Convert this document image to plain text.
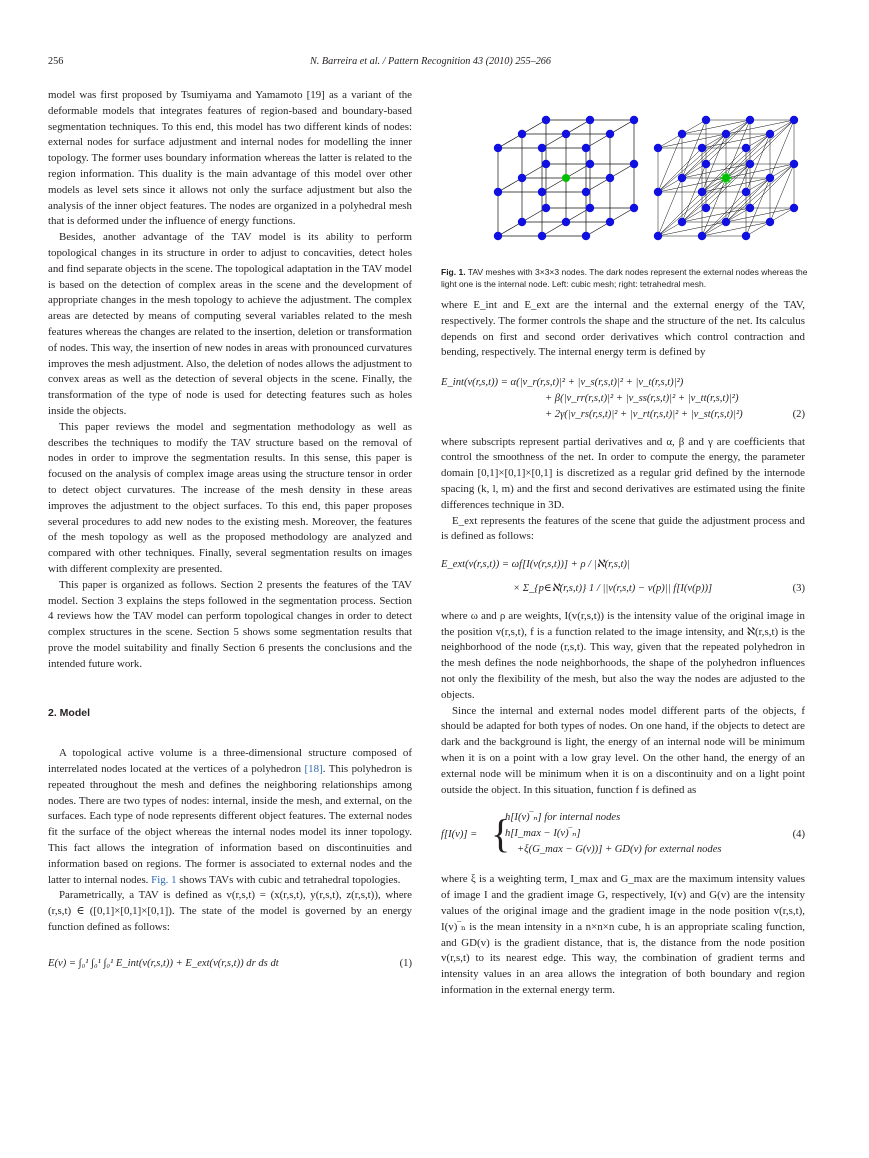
256	N. Barreira et al. / Pattern Recognition 43 (2010) 255–266

model was first proposed by Tsumiyama and Yamamoto [19] as a variant of the deformable models that integrates features of region-based and boundary-based segmentation techniques. To this end, this model has two different kinds of nodes: external nodes for surface adjustment and internal nodes for modelling the inner topology. The former uses boundary information whereas the latter is related to the region information. This duality is the main advantage of this model over other models as level sets since it allows not only the surface adjustment but also the analysis of the inner object features. The nodes are organized in a polyhedral mesh that is deformed under the influence of energy functions.

Besides, another advantage of the TAV model is its ability to perform topological changes in its structure in order to adjust to concavities, detect holes and find separate objects in the scene. The topological adaptation in the TAV model is based on the detection of complex areas in the scene and the development of appropriate changes in the mesh topology to achieve the adjustment. The complex areas are detected by means of computing several variables related to the mesh features whereas the changes are related to the insertion, deletion or transformation of nodes. This way, the insertion of new nodes in areas with pronounced curvatures improves the mesh adjustment. Also, the deletion of nodes allows the adjustment to convex areas as well as the detection of several objects in the scene. Finally, the transformation of the type of node is used for detecting features such as holes inside the objects.

This paper reviews the model and segmentation methodology as well as describes the techniques to modify the TAV structure based on the removal of nodes in order to improve the segmentation results. In this sense, this paper is focused on the analysis of complex image areas using the structure tensor in order to detect object curvatures. The increase of the mesh density in these areas improves the adjustment to the object surfaces. To this end, this paper proposes several procedures to add new nodes to the existing mesh. Moreover, the features of the mesh topology as well as the proposed methodology are analyzed and compared with other techniques. Finally, several segmentation results on images with different complexity are presented.

This paper is organized as follows. Section 2 presents the features of the TAV model. Section 3 explains the steps followed in the segmentation process. Section 4 reviews how the TAV model can perform topological changes in order to detect complex structures in the scene. Section 5 shows some segmentation results that prove the model suitability and finally Section 6 presents the conclusions and the intended future work.

2. Model

A topological active volume is a three-dimensional structure composed of interrelated nodes located at the vertices of a polyhedron [18]. This polyhedron is repeated throughout the mesh and defines the neighboring relationships among nodes. There are two types of nodes: internal, inside the mesh, and external, on the surfaces. Each type of node represents different object features. The external nodes fit the surface of the object whereas the internal nodes model its inner topology. This fact allows the integration of information based on discontinuities and information based on regions. The former is associated to external nodes and the latter to internal nodes. Fig. 1 shows TAVs with cubic and tetrahedral topologies.

Parametrically, a TAV is defined as v(r,s,t) = (x(r,s,t), y(r,s,t), z(r,s,t)), where (r,s,t) ∈ ([0,1]×[0,1]×[0,1]). The state of the model is governed by an energy function defined as follows:

E(v) = ∫₀¹ ∫₀¹ ∫₀¹ E_int(v(r,s,t)) + E_ext(v(r,s,t)) dr ds dt	(1)
Fig. 1. TAV meshes with 3×3×3 nodes. The dark nodes represent the external nodes whereas the light one is the internal node. Left: cubic mesh; right: tetrahedral mesh.

where E_int and E_ext are the internal and the external energy of the TAV, respectively. The former controls the shape and the structure of the net. Its calculus depends on first and second order derivatives which control contraction and bending, respectively. The internal energy term is defined by

E_int(v(r,s,t)) = α(|v_r(r,s,t)|² + |v_s(r,s,t)|² + |v_t(r,s,t)|²)
+ β(|v_rr(r,s,t)|² + |v_ss(r,s,t)|² + |v_tt(r,s,t)|²)
+ 2γ(|v_rs(r,s,t)|² + |v_rt(r,s,t)|² + |v_st(r,s,t)|²)	(2)

where subscripts represent partial derivatives and α, β and γ are coefficients that control the smoothness of the net. In order to compute the energy, the parameter domain [0,1]×[0,1]×[0,1] is discretized as a regular grid defined by the internode spacing (k, l, m) and the first and second derivatives are estimated using the finite differences technique in 3D.

E_ext represents the features of the scene that guide the adjustment process and is defined as follows:

E_ext(v(r,s,t)) = ωf[I(v(r,s,t))] + ρ / |ℵ(r,s,t)|
× Σ_{p∈ℵ(r,s,t)} 1 / ||v(r,s,t) − v(p)|| f[I(v(p))]	(3)

where ω and ρ are weights, I(v(r,s,t)) is the intensity value of the original image in the position v(r,s,t), f is a function related to the image intensity, and ℵ(r,s,t) is the neighborhood of the node (r,s,t). This way, given that the repeated polyhedron in the mesh defines the node neighborhoods, the shape of the polyhedron influences not only the flexibility of the mesh, but also the way the nodes are adjusted to the objects.

Since the internal and external nodes model different parts of the objects, f should be adapted for both types of nodes. On one hand, if the objects to detect are dark and the background is light, the energy of an internal node will be minimum when it is on a point with a low gray level. On the other hand, the energy of an external node will be minimum when it is on a discontinuity and on a light point outside the object. In this situation, function f is defined as

f[I(v)] = {
h[I(v)‾ₙ] for internal nodes
h[I_max − I(v)‾ₙ]
+ξ(G_max − G(v))] + GD(v) for external nodes
(4)

where ξ is a weighting term, I_max and G_max are the maximum intensity values of image I and the gradient image G, respectively, I(v) and G(v) are the intensity values of the original image and the gradient image in the node position v(r,s,t), I(v)‾ₙ is the mean intensity in a n×n×n cube, h is an appropriate scaling function, and GD(v) is the gradient distance, that is, the distance from the node position v(r,s,t) to its nearest edge. This way, the combination of gradient terms and intensity values in an area allows the integration of both boundary and region information in the external energy term.
